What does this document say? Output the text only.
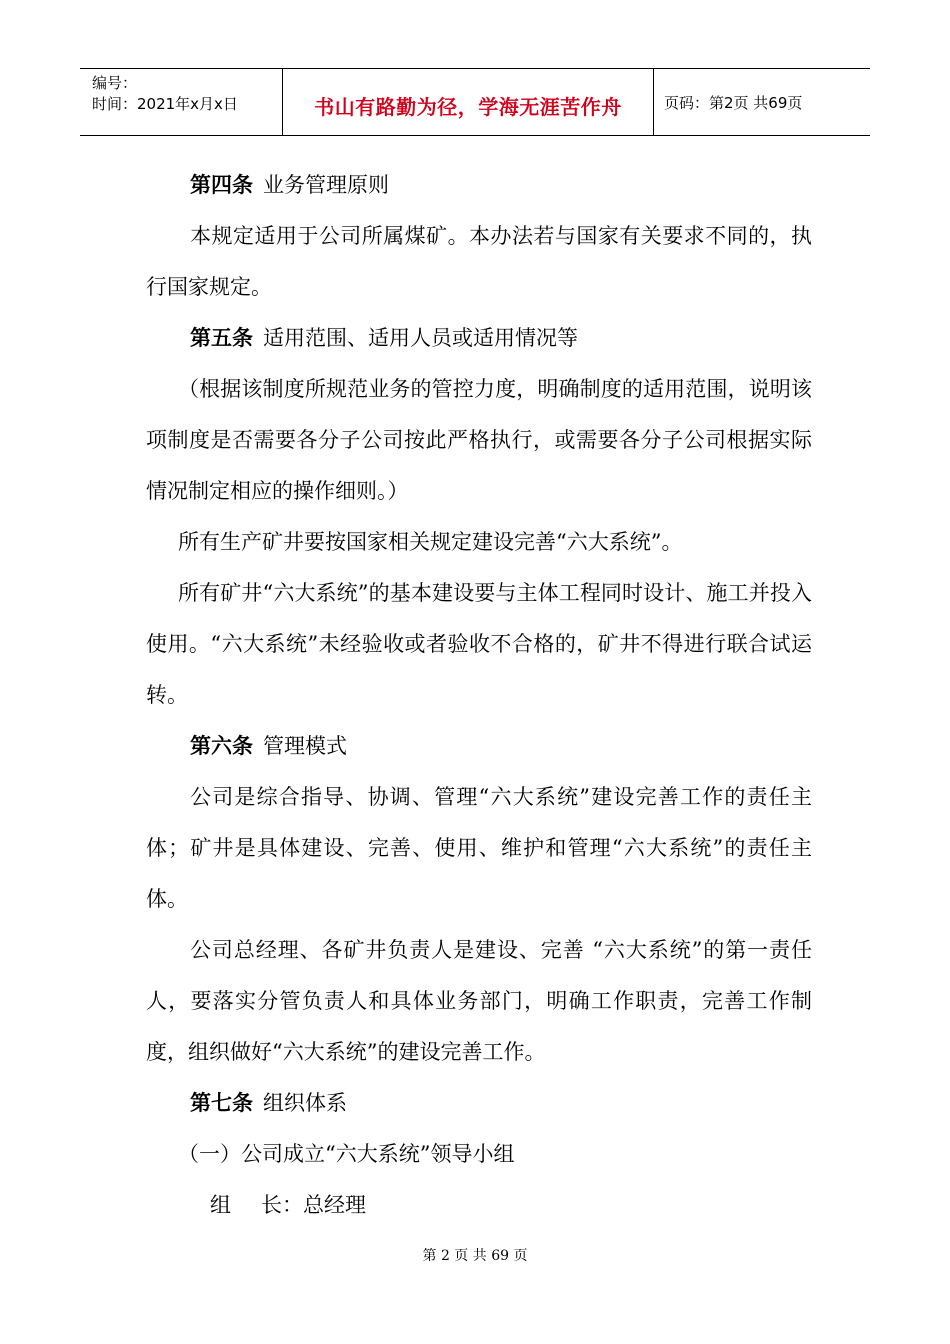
编号：
时间：2021年x月x日	书山有路勤为径，学海无涯苦作舟	页码：第2页 共69页

第四条 业务管理原则

本规定适用于公司所属煤矿。本办法若与国家有关要求不同的，执行国家规定。

第五条 适用范围、适用人员或适用情况等

（根据该制度所规范业务的管控力度，明确制度的适用范围，说明该项制度是否需要各分子公司按此严格执行，或需要各分子公司根据实际情况制定相应的操作细则。）

所有生产矿井要按国家相关规定建设完善“六大系统”。

所有矿井“六大系统”的基本建设要与主体工程同时设计、施工并投入使用。“六大系统”未经验收或者验收不合格的，矿井不得进行联合试运转。

第六条 管理模式

公司是综合指导、协调、管理“六大系统”建设完善工作的责任主体；矿井是具体建设、完善、使用、维护和管理“六大系统”的责任主体。

公司总经理、各矿井负责人是建设、完善 “六大系统”的第一责任人，要落实分管负责人和具体业务部门，明确工作职责，完善工作制度，组织做好“六大系统”的建设完善工作。

第七条 组织体系

（一）公司成立“六大系统”领导小组

组 长：总经理

第 2 页 共 69 页
